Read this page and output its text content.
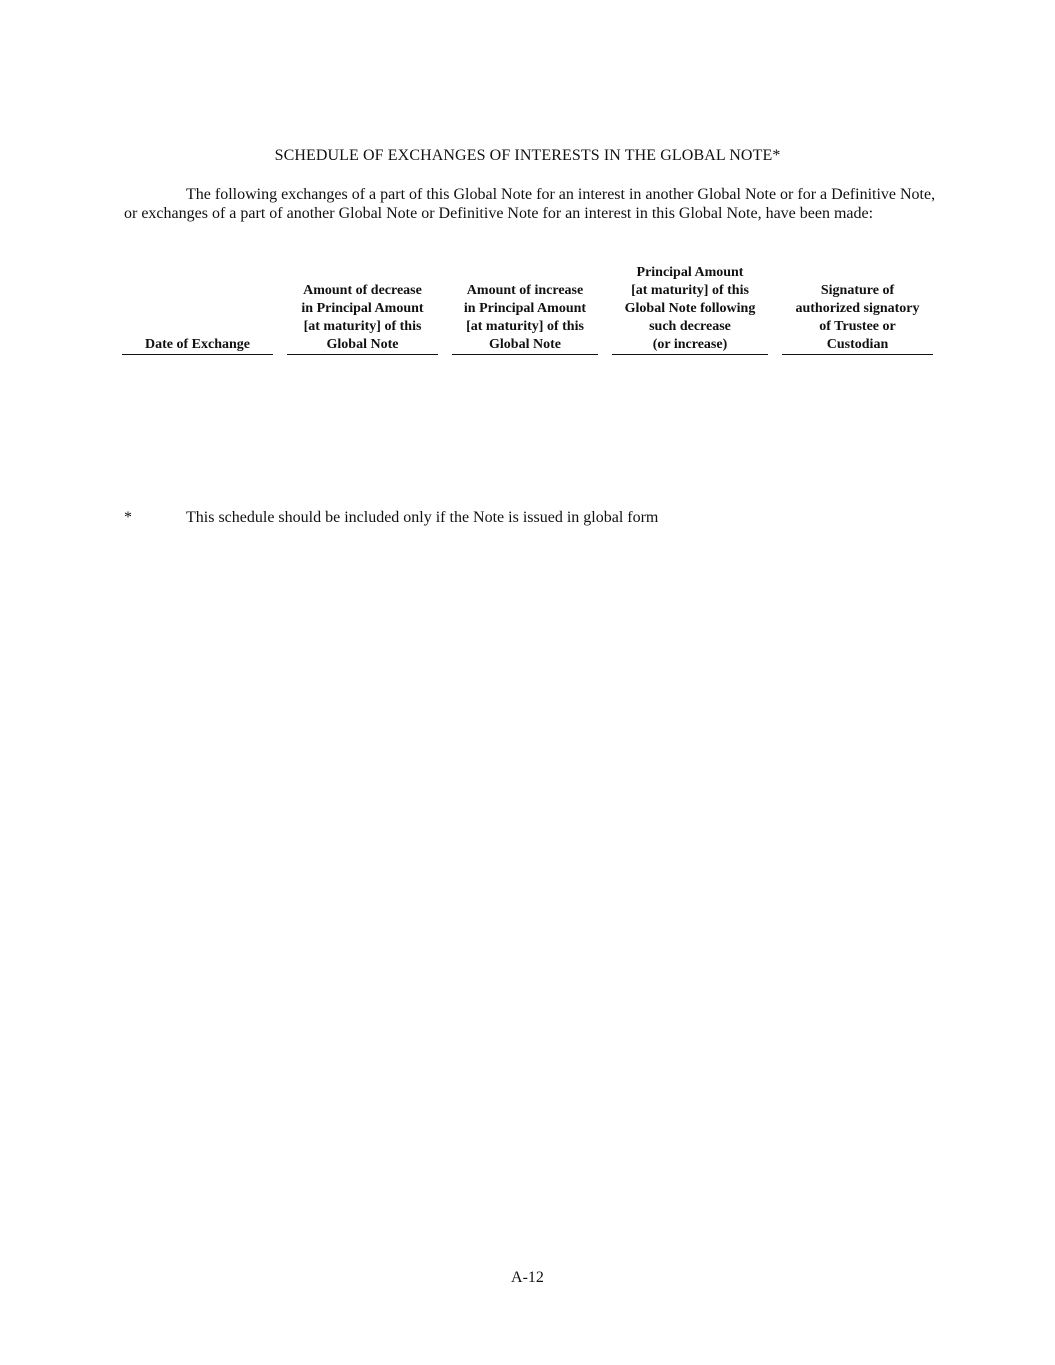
SCHEDULE OF EXCHANGES OF INTERESTS IN THE GLOBAL NOTE*
The following exchanges of a part of this Global Note for an interest in another Global Note or for a Definitive Note, or exchanges of a part of another Global Note or Definitive Note for an interest in this Global Note, have been made:
Date of Exchange
Amount of decrease
in Principal Amount
[at maturity] of this
Global Note
Amount of increase
in Principal Amount
[at maturity] of this
Global Note
Principal Amount
[at maturity] of this
Global Note following
such decrease
(or increase)
Signature of
authorized signatory
of Trustee or
Custodian
*	This schedule should be included only if the Note is issued in global form
A-12
